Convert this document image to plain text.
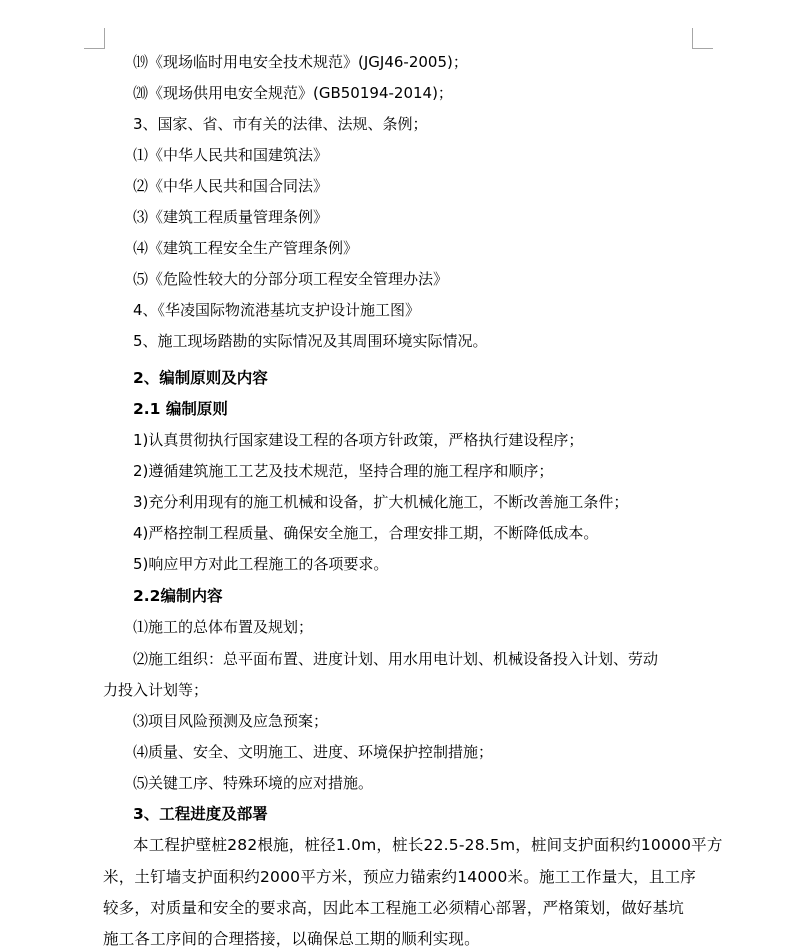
⒆《现场临时用电安全技术规范》(JGJ46-2005)；
⒇《现场供用电安全规范》(GB50194-2014)；
3、国家、省、市有关的法律、法规、条例；
⑴《中华人民共和国建筑法》
⑵《中华人民共和国合同法》
⑶《建筑工程质量管理条例》
⑷《建筑工程安全生产管理条例》
⑸《危险性较大的分部分项工程安全管理办法》
4、《华凌国际物流港基坑支护设计施工图》
5、施工现场踏勘的实际情况及其周围环境实际情况。
2、编制原则及内容
2.1 编制原则
1)认真贯彻执行国家建设工程的各项方针政策，严格执行建设程序；
2)遵循建筑施工工艺及技术规范，坚持合理的施工程序和顺序；
3)充分利用现有的施工机械和设备，扩大机械化施工，不断改善施工条件；
4)严格控制工程质量、确保安全施工，合理安排工期，不断降低成本。
5)响应甲方对此工程施工的各项要求。
2.2编制内容
⑴施工的总体布置及规划；
⑵施工组织：总平面布置、进度计划、用水用电计划、机械设备投入计划、劳动
力投入计划等；
⑶项目风险预测及应急预案；
⑷质量、安全、文明施工、进度、环境保护控制措施；
⑸关键工序、特殊环境的应对措施。
3、工程进度及部署
本工程护壁桩282根施，桩径1.0m，桩长22.5-28.5m，桩间支护面积约10000平方
米，土钉墙支护面积约2000平方米，预应力锚索约14000米。施工工作量大，且工序
较多，对质量和安全的要求高，因此本工程施工必须精心部署，严格策划，做好基坑
施工各工序间的合理搭接，以确保总工期的顺利实现。
